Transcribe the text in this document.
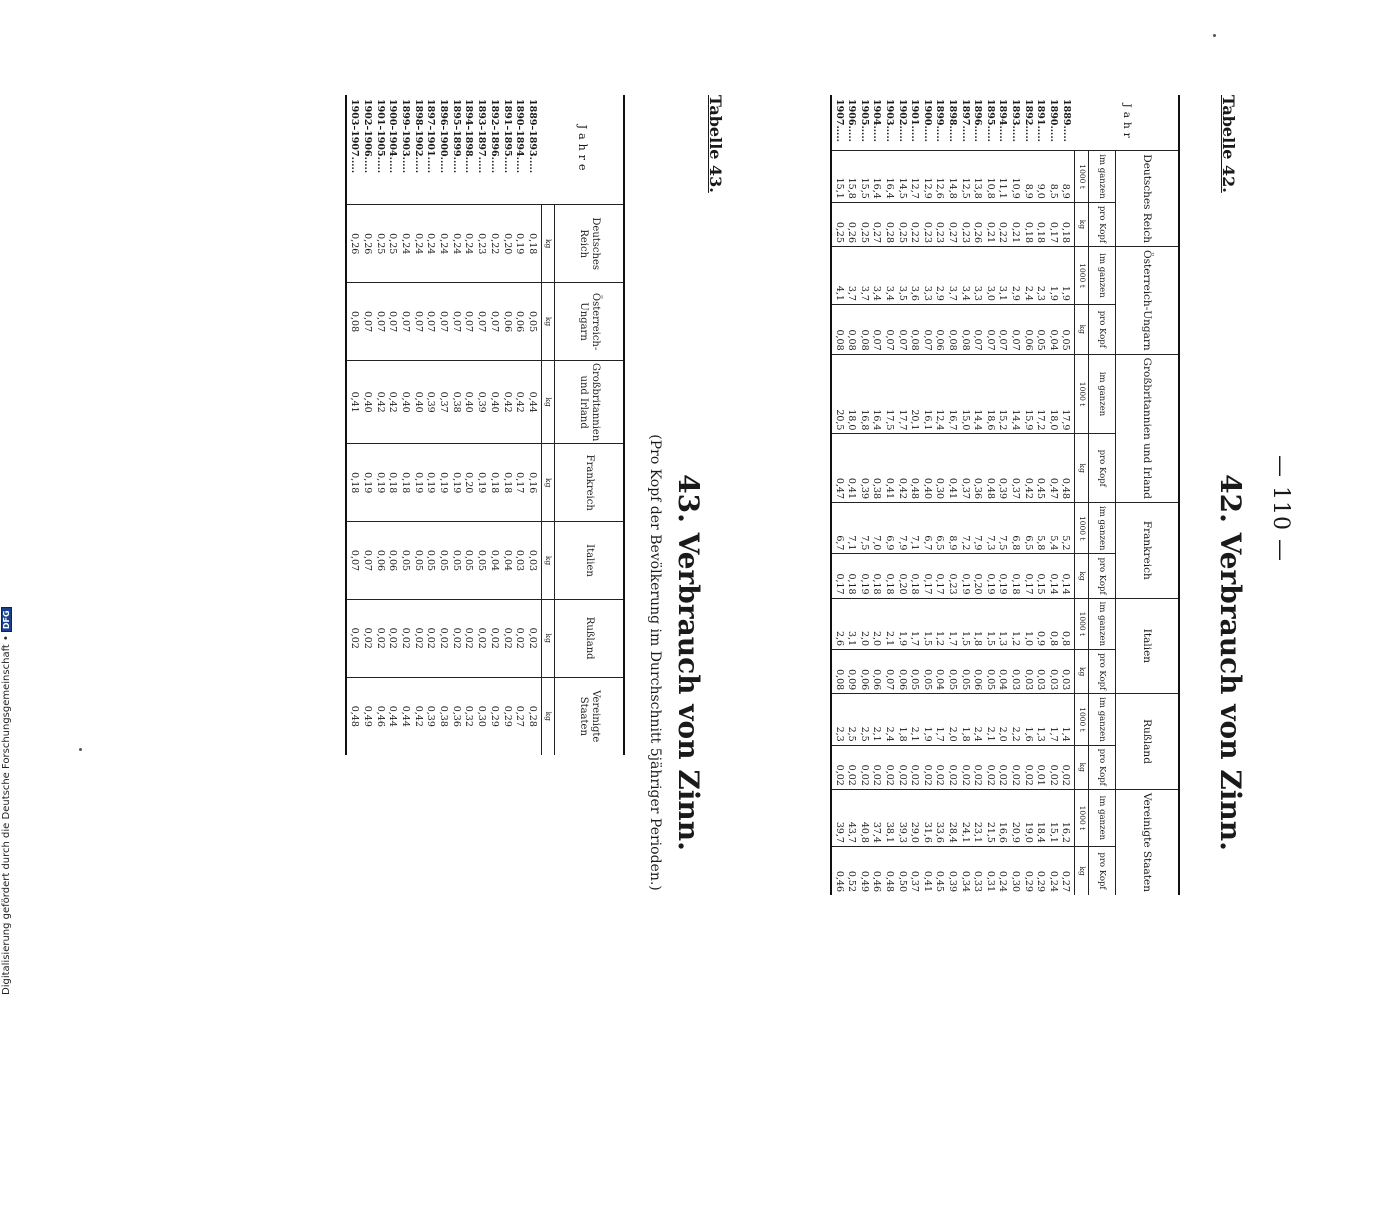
— 110 —
Tabelle 42.
42. Verbrauch von Zinn.
Jahr	Deutsches Reich		Österreich-Ungarn		Großbritannien und Irland		Frankreich		Italien		Rußland		Vereinigte Staaten	
	im ganzen	pro Kopf	im ganzen	pro Kopf	im ganzen	pro Kopf	im ganzen	pro Kopf	im ganzen	pro Kopf	im ganzen	pro Kopf	im ganzen	pro Kopf
	1000 t	kg	1000 t	kg	1000 t	kg	1000 t	kg	1000 t	kg	1000 t	kg	1000 t	kg
1889.....	8,9	0,18	1,9	0,05	17,9	0,48	5,2	0,14	0,8	0,03	1,4	0,02	16,2	0,27
1890.....	8,5	0,17	1,9	0,04	18,0	0,47	5,4	0,14	0,8	0,03	1,7	0,02	15,1	0,24
1891.....	9,0	0,18	2,3	0,05	17,2	0,45	5,8	0,15	0,9	0,03	1,3	0,01	18,4	0,29
1892.....	8,9	0,18	2,4	0,06	15,9	0,42	6,5	0,17	1,0	0,03	1,6	0,02	19,0	0,29
1893.....	10,9	0,21	2,9	0,07	14,4	0,37	6,8	0,18	1,2	0,03	2,2	0,02	20,9	0,30
1894.....	11,1	0,22	3,1	0,07	15,2	0,39	7,5	0,19	1,3	0,04	2,0	0,02	16,6	0,24
1895.....	10,8	0,21	3,0	0,07	18,6	0,48	7,3	0,19	1,5	0,05	2,1	0,02	21,5	0,31
1896.....	13,8	0,26	3,3	0,07	14,4	0,36	7,9	0,20	1,8	0,06	2,4	0,02	23,1	0,33
1897.....	12,5	0,23	3,4	0,08	15,0	0,37	7,2	0,19	1,5	0,05	1,8	0,02	24,1	0,34
1898.....	14,8	0,27	3,7	0,08	16,7	0,41	8,9	0,23	1,7	0,05	2,0	0,02	28,4	0,39
1899.....	12,6	0,23	2,9	0,06	12,4	0,30	6,5	0,17	1,2	0,04	1,7	0,02	33,6	0,45
1900.....	12,9	0,23	3,3	0,07	16,1	0,40	6,7	0,17	1,5	0,05	1,9	0,02	31,6	0,41
1901.....	12,7	0,22	3,6	0,08	20,1	0,48	7,1	0,18	1,7	0,05	2,1	0,02	29,0	0,37
1902.....	14,5	0,25	3,5	0,07	17,7	0,42	7,9	0,20	1,9	0,06	1,8	0,02	39,3	0,50
1903.....	16,4	0,28	3,4	0,07	17,5	0,41	6,9	0,18	2,1	0,07	2,4	0,02	38,1	0,48
1904.....	16,4	0,27	3,4	0,07	16,4	0,38	7,0	0,18	2,0	0,06	2,1	0,02	37,4	0,46
1905.....	15,5	0,25	3,7	0,08	16,8	0,39	7,5	0,19	2,0	0,06	2,5	0,02	40,8	0,49
1906.....	15,8	0,26	3,7	0,08	18,0	0,41	7,1	0,18	3,1	0,09	2,5	0,02	43,7	0,52
1907.....	15,1	0,25	4,1	0,08	20,5	0,47	6,7	0,17	2,6	0,08	2,3	0,02	39,7	0,46
Tabelle 43.
43. Verbrauch von Zinn.
(Pro Kopf der Bevölkerung im Durchschnitt 5jähriger Perioden.)
Jahre	Deutsches Reich	Österreich-Ungarn	Großbritannien und Irland	Frankreich	Italien	Rußland	Vereinigte Staaten
	kg	kg	kg	kg	kg	kg	kg
1889–1893.....	0,18	0,05	0,44	0,16	0,03	0,02	0,28
1890–1894.....	0,19	0,06	0,42	0,17	0,03	0,02	0,27
1891–1895.....	0,20	0,06	0,42	0,18	0,04	0,02	0,29
1892–1896.....	0,22	0,07	0,40	0,18	0,04	0,02	0,29
1893–1897.....	0,23	0,07	0,39	0,19	0,05	0,02	0,30
1894–1898.....	0,24	0,07	0,40	0,20	0,05	0,02	0,32
1895–1899.....	0,24	0,07	0,38	0,19	0,05	0,02	0,36
1896–1900.....	0,24	0,07	0,37	0,19	0,05	0,02	0,38
1897–1901.....	0,24	0,07	0,39	0,19	0,05	0,02	0,39
1898–1902.....	0,24	0,07	0,40	0,19	0,05	0,02	0,42
1899–1903.....	0,24	0,07	0,40	0,18	0,05	0,02	0,44
1900–1904.....	0,25	0,07	0,42	0,18	0,06	0,02	0,44
1901–1905.....	0,25	0,07	0,42	0,19	0,06	0,02	0,46
1902–1906.....	0,26	0,07	0,40	0,19	0,07	0,02	0,49
1903–1907.....	0,26	0,08	0,41	0,18	0,07	0,02	0,48
Digitalisierung gefördert durch die Deutsche Forschungsgemeinschaft •DFG
